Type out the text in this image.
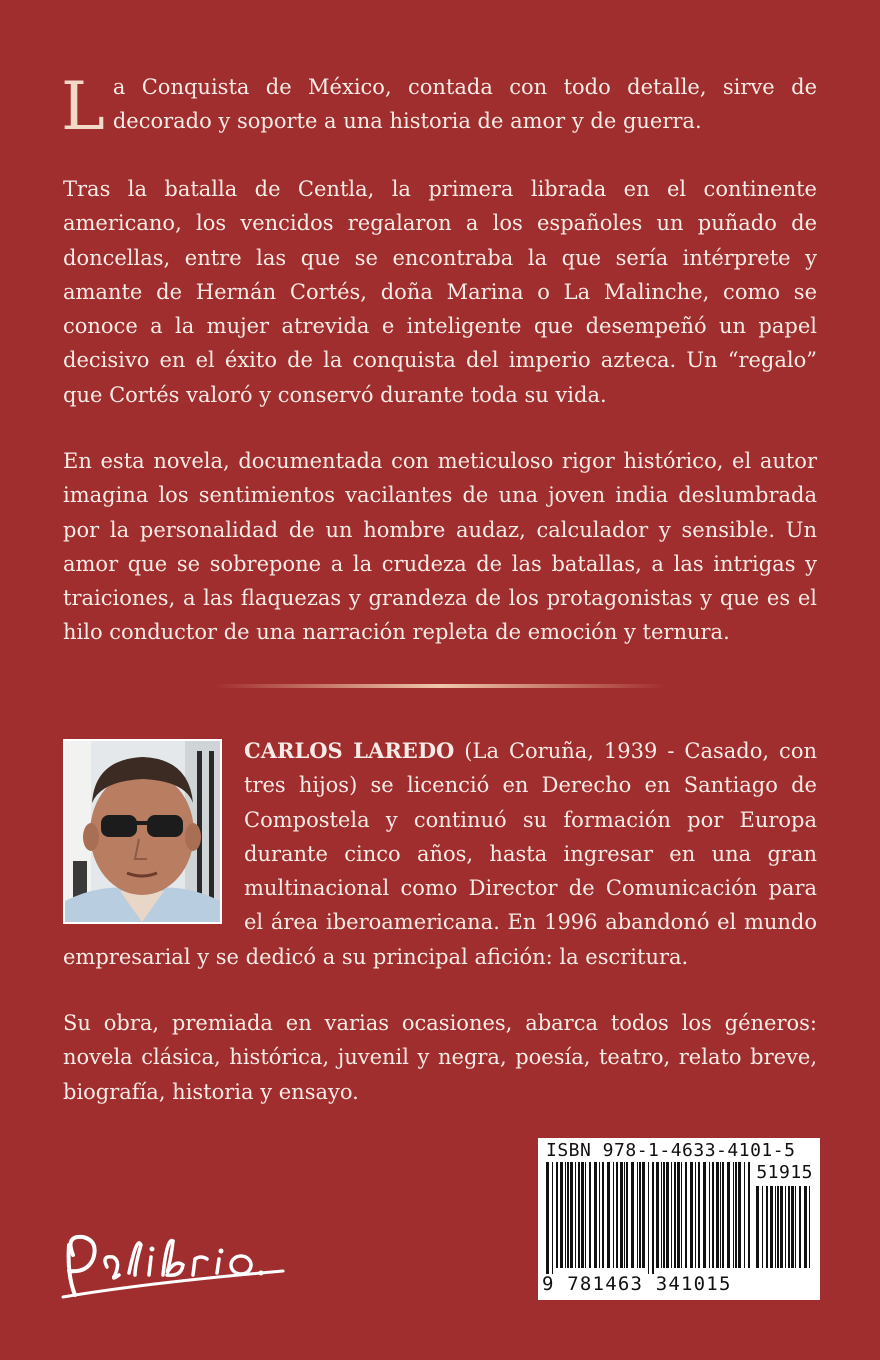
La Conquista de México, contada con todo detalle, sirve de decorado y soporte a una historia de amor y de guerra.

Tras la batalla de Centla, la primera librada en el continente americano, los vencidos regalaron a los españoles un puñado de doncellas, entre las que se encontraba la que sería intérprete y amante de Hernán Cortés, doña Marina o La Malinche, como se conoce a la mujer atrevida e inteligente que desempeñó un papel decisivo en el éxito de la conquista del imperio azteca. Un “regalo” que Cortés valoró y conservó durante toda su vida.

En esta novela, documentada con meticuloso rigor histórico, el autor imagina los sentimientos vacilantes de una joven india deslumbrada por la personalidad de un hombre audaz, calculador y sensible. Un amor que se sobrepone a la crudeza de las batallas, a las intrigas y traiciones, a las flaquezas y grandeza de los protagonistas y que es el hilo conductor de una narración repleta de emoción y ternura.

CARLOS LAREDO (La Coruña, 1939 - Casado, con tres hijos) se licenció en Derecho en Santiago de Compostela y continuó su formación por Europa durante cinco años, hasta ingresar en una gran multinacional como Director de Comunicación para el área iberoamericana. En 1996 abandonó el mundo empresarial y se dedicó a su principal afición: la escritura.

Su obra, premiada en varias ocasiones, abarca todos los géneros: novela clásica, histórica, juvenil y negra, poesía, teatro, relato breve, biografía, historia y ensayo.

ISBN 978-1-4633-4101-5
51915
9 781463 341015
